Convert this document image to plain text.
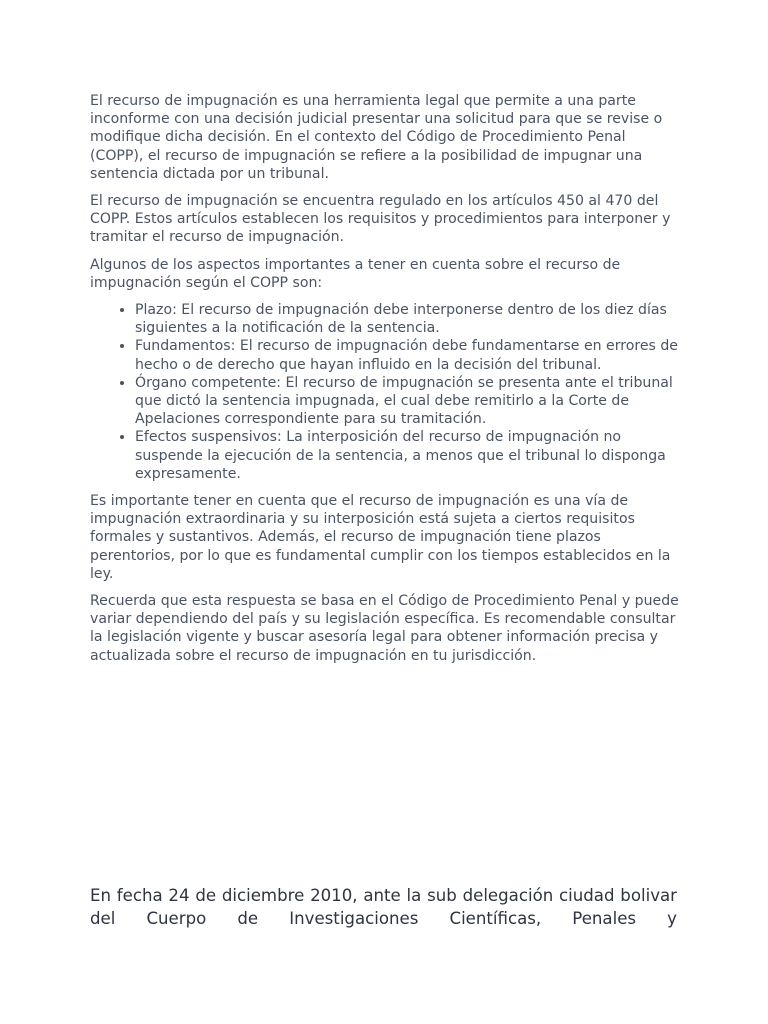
El recurso de impugnación es una herramienta legal que permite a una parte inconforme con una decisión judicial presentar una solicitud para que se revise o modifique dicha decisión. En el contexto del Código de Procedimiento Penal (COPP), el recurso de impugnación se refiere a la posibilidad de impugnar una sentencia dictada por un tribunal.

El recurso de impugnación se encuentra regulado en los artículos 450 al 470 del COPP. Estos artículos establecen los requisitos y procedimientos para interponer y tramitar el recurso de impugnación.

Algunos de los aspectos importantes a tener en cuenta sobre el recurso de impugnación según el COPP son:

• Plazo: El recurso de impugnación debe interponerse dentro de los diez días siguientes a la notificación de la sentencia.
• Fundamentos: El recurso de impugnación debe fundamentarse en errores de hecho o de derecho que hayan influido en la decisión del tribunal.
• Órgano competente: El recurso de impugnación se presenta ante el tribunal que dictó la sentencia impugnada, el cual debe remitirlo a la Corte de Apelaciones correspondiente para su tramitación.
• Efectos suspensivos: La interposición del recurso de impugnación no suspende la ejecución de la sentencia, a menos que el tribunal lo disponga expresamente.

Es importante tener en cuenta que el recurso de impugnación es una vía de impugnación extraordinaria y su interposición está sujeta a ciertos requisitos formales y sustantivos. Además, el recurso de impugnación tiene plazos perentorios, por lo que es fundamental cumplir con los tiempos establecidos en la ley.

Recuerda que esta respuesta se basa en el Código de Procedimiento Penal y puede variar dependiendo del país y su legislación específica. Es recomendable consultar la legislación vigente y buscar asesoría legal para obtener información precisa y actualizada sobre el recurso de impugnación en tu jurisdicción.

En fecha 24 de diciembre 2010, ante la sub delegación ciudad bolivar del Cuerpo de Investigaciones Científicas, Penales y
